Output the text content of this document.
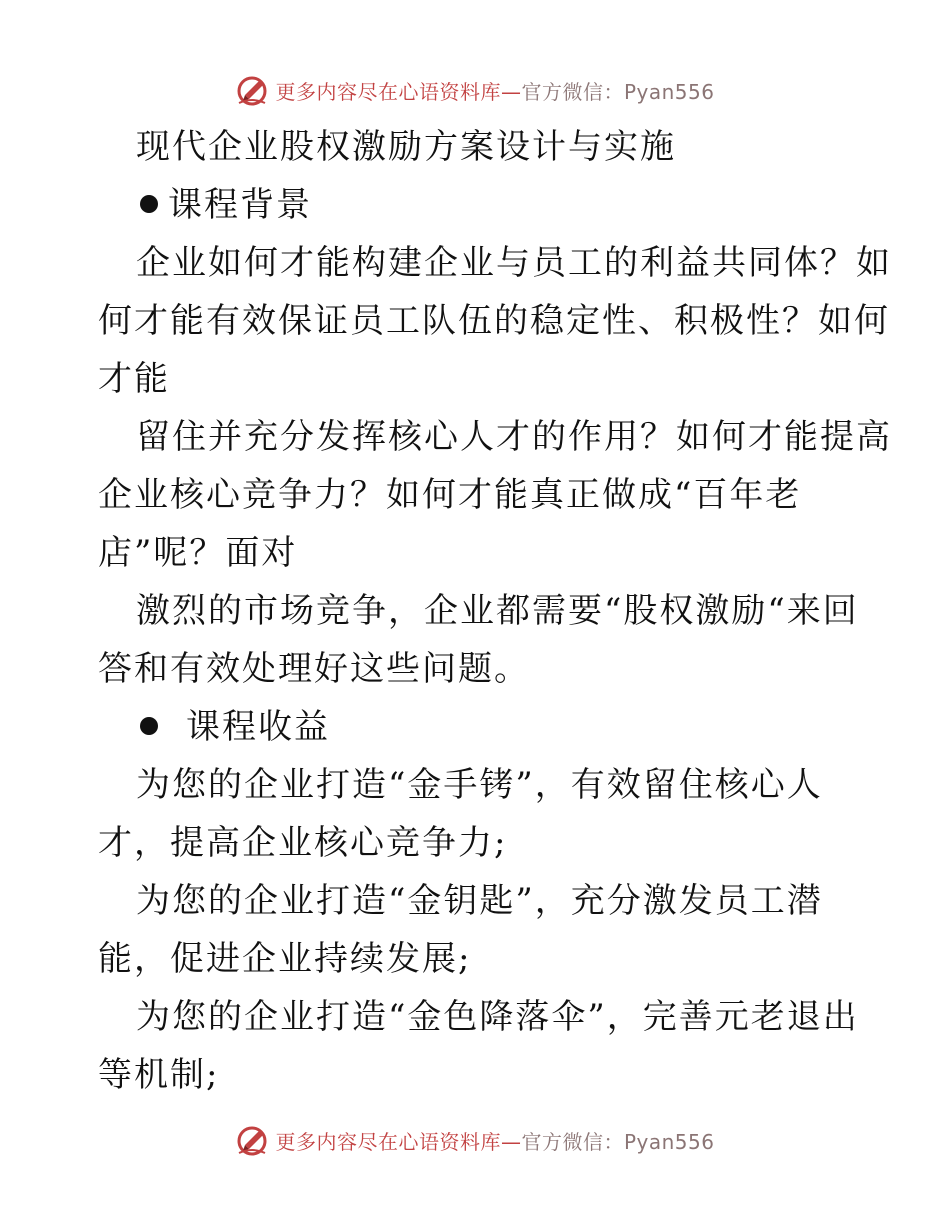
更多内容尽在心语资料库—官方微信：Pyan556
现代企业股权激励方案设计与实施
课程背景
企业如何才能构建企业与员工的利益共同体？如
何才能有效保证员工队伍的稳定性、积极性？如何
才能
留住并充分发挥核心人才的作用？如何才能提高
企业核心竞争力？如何才能真正做成“百年老
店”呢？面对
激烈的市场竞争，企业都需要“股权激励“来回
答和有效处理好这些问题。
课程收益
为您的企业打造“金手铐”，有效留住核心人
才，提高企业核心竞争力;
为您的企业打造“金钥匙”，充分激发员工潜
能，促进企业持续发展;
为您的企业打造“金色降落伞”，完善元老退出
等机制;
更多内容尽在心语资料库—官方微信：Pyan556
